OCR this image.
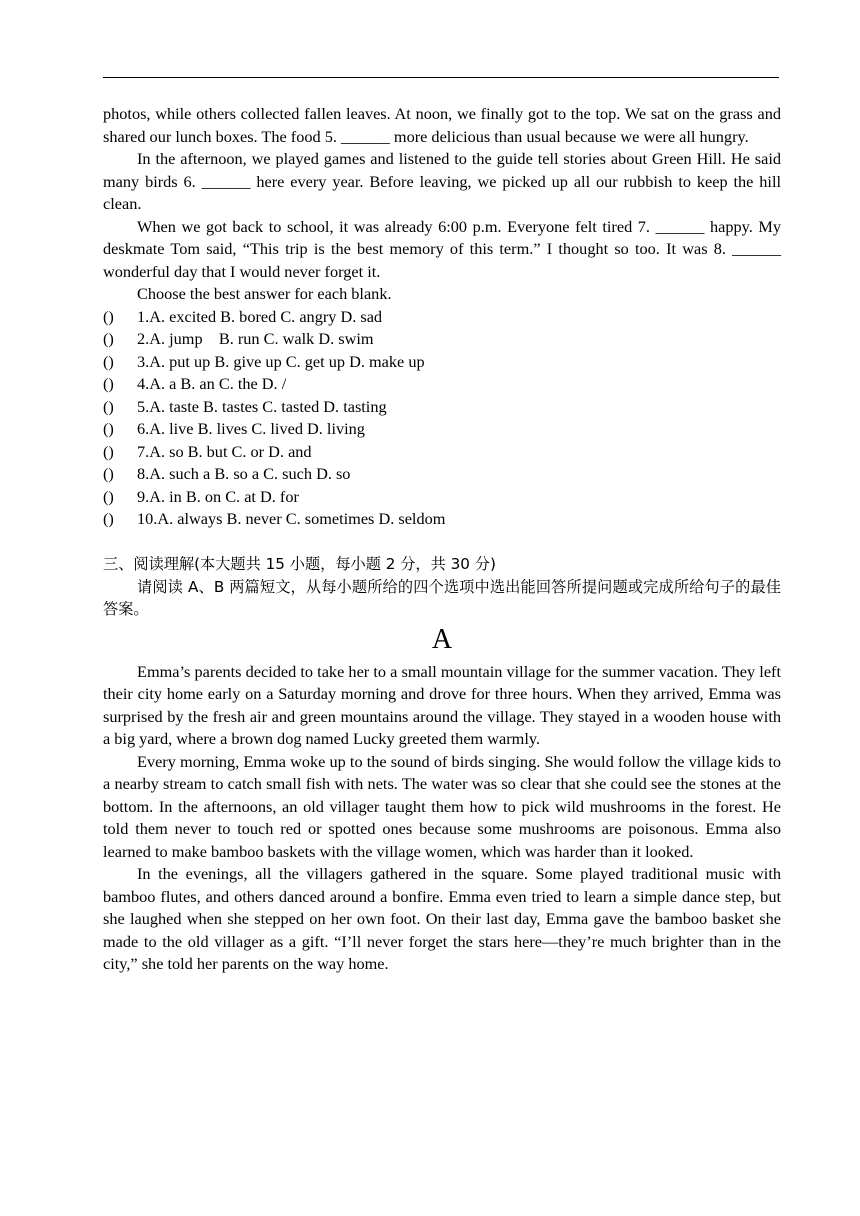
photos, while others collected fallen leaves. At noon, we finally got to the top. We sat on the grass and shared our lunch boxes. The food 5. ______ more delicious than usual because we were all hungry.

In the afternoon, we played games and listened to the guide tell stories about Green Hill. He said many birds 6. ______ here every year. Before leaving, we picked up all our rubbish to keep the hill clean.

When we got back to school, it was already 6:00 p.m. Everyone felt tired 7. ______ happy. My deskmate Tom said, “This trip is the best memory of this term.” I thought so too. It was 8. ______ wonderful day that I would never forget it.

Choose the best answer for each blank.

() 1.A. excited B. bored C. angry D. sad
() 2.A. jump    B. run C. walk D. swim
() 3.A. put up B. give up C. get up D. make up
() 4.A. a B. an C. the D. /
() 5.A. taste B. tastes C. tasted D. tasting
() 6.A. live B. lives C. lived D. living
() 7.A. so B. but C. or D. and
() 8.A. such a B. so a C. such D. so
() 9.A. in B. on C. at D. for
() 10.A. always B. never C. sometimes D. seldom

三、阅读理解(本大题共 15 小题，每小题 2 分，共 30 分)

请阅读 A、B 两篇短文，从每小题所给的四个选项中选出能回答所提问题或完成所给句子的最佳答案。

A

Emma’s parents decided to take her to a small mountain village for the summer vacation. They left their city home early on a Saturday morning and drove for three hours. When they arrived, Emma was surprised by the fresh air and green mountains around the village. They stayed in a wooden house with a big yard, where a brown dog named Lucky greeted them warmly.

Every morning, Emma woke up to the sound of birds singing. She would follow the village kids to a nearby stream to catch small fish with nets. The water was so clear that she could see the stones at the bottom. In the afternoons, an old villager taught them how to pick wild mushrooms in the forest. He told them never to touch red or spotted ones because some mushrooms are poisonous. Emma also learned to make bamboo baskets with the village women, which was harder than it looked.

In the evenings, all the villagers gathered in the square. Some played traditional music with bamboo flutes, and others danced around a bonfire. Emma even tried to learn a simple dance step, but she laughed when she stepped on her own foot. On their last day, Emma gave the bamboo basket she made to the old villager as a gift. “I’ll never forget the stars here—they’re much brighter than in the city,” she told her parents on the way home.
